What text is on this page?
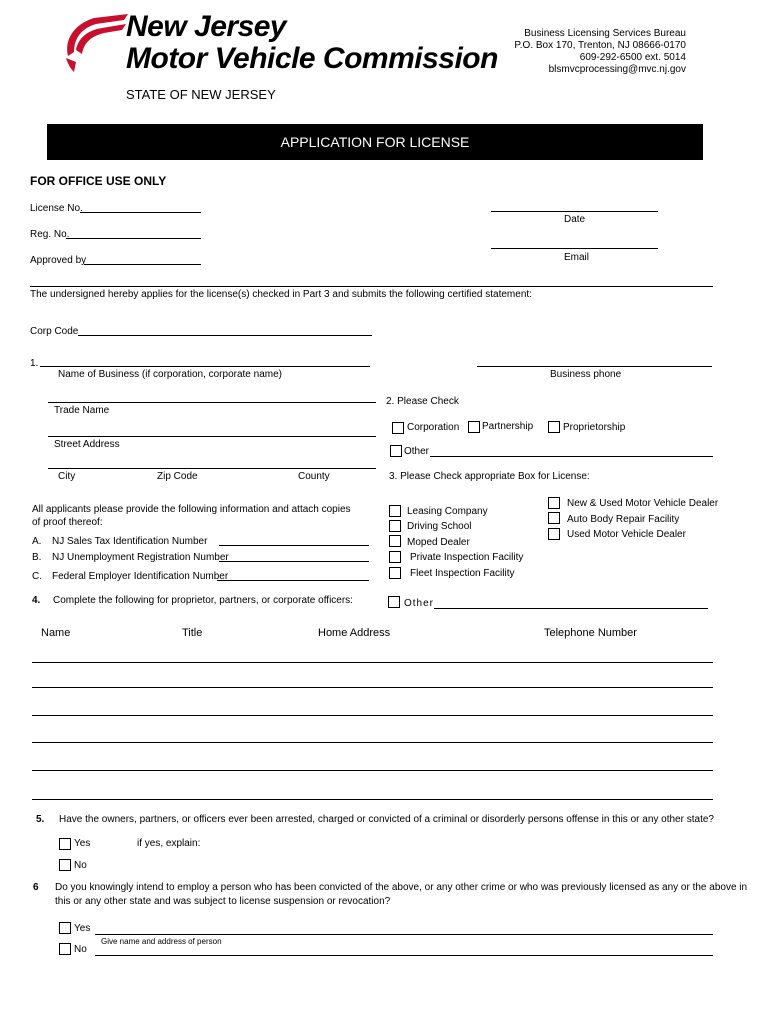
New Jersey
Motor Vehicle Commission
Business Licensing Services Bureau
P.O. Box 170, Trenton, NJ 08666-0170
609-292-6500 ext. 5014
blsmvcprocessing@mvc.nj.gov
STATE OF NEW JERSEY
APPLICATION FOR LICENSE
FOR OFFICE USE ONLY
License No.
Reg. No.
Approved by
Date
Email
The undersigned hereby applies for the license(s) checked in Part 3 and submits the following certified statement:
Corp Code
1.
Name of Business (if corporation, corporate name)	Business phone
Trade Name
Street Address
City	Zip Code	County
2. Please Check
Corporation Partnership	Proprietorship
Other
3. Please Check appropriate Box for License:
Leasing Company
Driving School
Moped Dealer
Private Inspection Facility
Fleet Inspection Facility
New & Used Motor Vehicle Dealer
Auto Body Repair Facility
Used Motor Vehicle Dealer
Other
All applicants please provide the following information and attach copies
of proof thereof:
A. NJ Sales Tax Identification Number
B. NJ Unemployment Registration Number
C. Federal Employer Identification Number
4. Complete the following for proprietor, partners, or corporate officers:
Name	Title	Home Address	Telephone Number
5. Have the owners, partners, or officers ever been arrested, charged or convicted of a criminal or disorderly persons offense in this or any other state?
Yes	if yes, explain:
No
6 Do you knowingly intend to employ a person who has been convicted of the above, or any other crime or who was previously licensed as any or the above in
this or any other state and was subject to license suspension or revocation?
Yes
Give name and address of person
No
